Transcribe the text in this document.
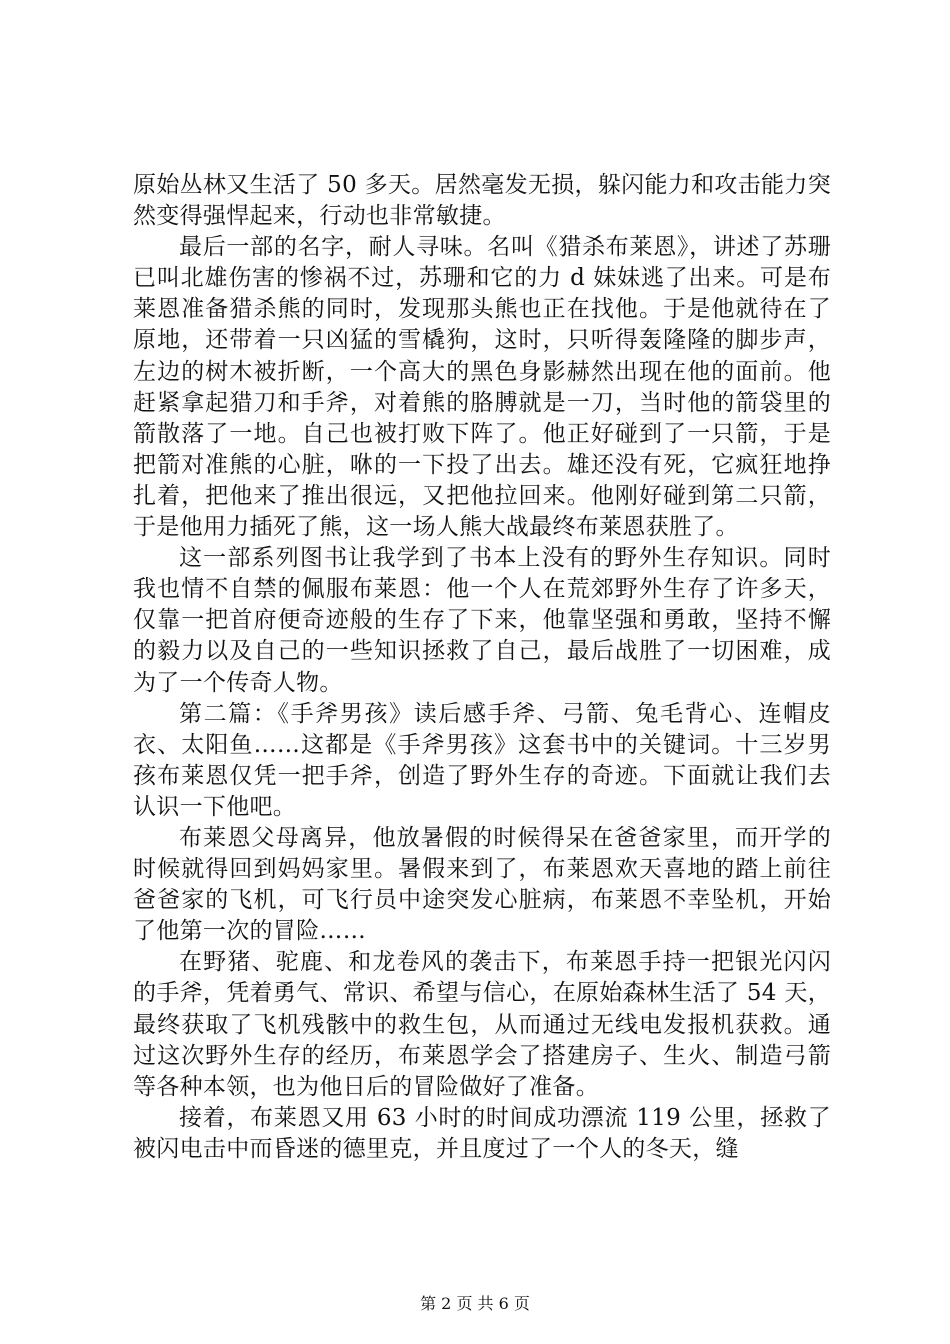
原始丛林又生活了 50 多天。居然毫发无损，躲闪能力和攻击能力突然变得强悍起来，行动也非常敏捷。

最后一部的名字，耐人寻味。名叫《猎杀布莱恩》，讲述了苏珊已叫北雄伤害的惨祸不过，苏珊和它的力 d 妹妹逃了出来。可是布莱恩准备猎杀熊的同时，发现那头熊也正在找他。于是他就待在了原地，还带着一只凶猛的雪橇狗，这时，只听得轰隆隆的脚步声，左边的树木被折断，一个高大的黑色身影赫然出现在他的面前。他赶紧拿起猎刀和手斧，对着熊的胳膊就是一刀，当时他的箭袋里的箭散落了一地。自己也被打败下阵了。他正好碰到了一只箭，于是把箭对准熊的心脏，咻的一下投了出去。雄还没有死，它疯狂地挣扎着，把他来了推出很远，又把他拉回来。他刚好碰到第二只箭，于是他用力插死了熊，这一场人熊大战最终布莱恩获胜了。

这一部系列图书让我学到了书本上没有的野外生存知识。同时我也情不自禁的佩服布莱恩：他一个人在荒郊野外生存了许多天，仅靠一把首府便奇迹般的生存了下来，他靠坚强和勇敢，坚持不懈的毅力以及自己的一些知识拯救了自己，最后战胜了一切困难，成为了一个传奇人物。

第二篇：《手斧男孩》读后感手斧、弓箭、兔毛背心、连帽皮衣、太阳鱼……这都是《手斧男孩》这套书中的关键词。十三岁男孩布莱恩仅凭一把手斧，创造了野外生存的奇迹。下面就让我们去认识一下他吧。

布莱恩父母离异，他放暑假的时候得呆在爸爸家里，而开学的时候就得回到妈妈家里。暑假来到了，布莱恩欢天喜地的踏上前往爸爸家的飞机，可飞行员中途突发心脏病，布莱恩不幸坠机，开始了他第一次的冒险……

在野猪、驼鹿、和龙卷风的袭击下，布莱恩手持一把银光闪闪的手斧，凭着勇气、常识、希望与信心，在原始森林生活了 54 天，最终获取了飞机残骸中的救生包，从而通过无线电发报机获救。通过这次野外生存的经历，布莱恩学会了搭建房子、生火、制造弓箭等各种本领，也为他日后的冒险做好了准备。

接着，布莱恩又用 63 小时的时间成功漂流 119 公里，拯救了被闪电击中而昏迷的德里克，并且度过了一个人的冬天，缝

第 2 页 共 6 页
